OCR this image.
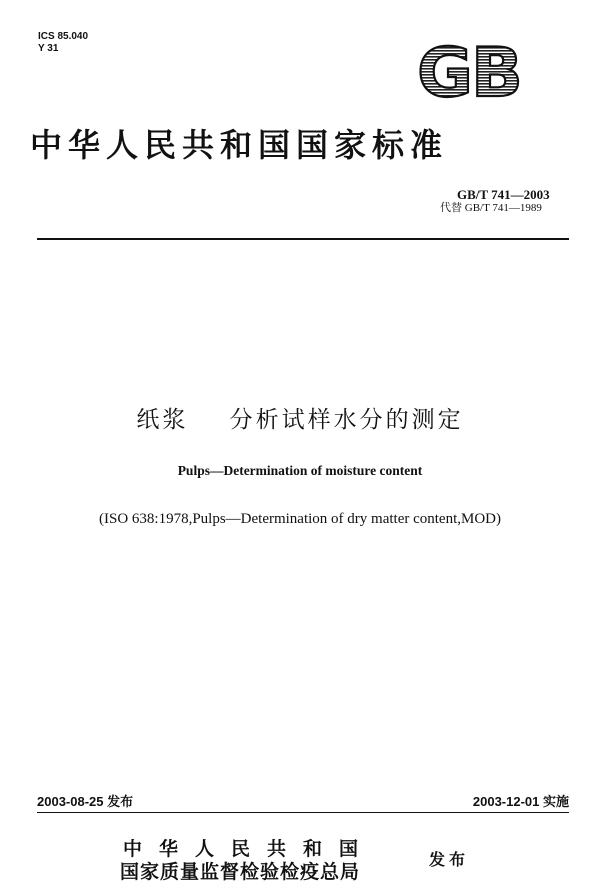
ICS 85.040
Y 31	GB
中华人民共和国国家标准
GB/T 741—2003
代替 GB/T 741—1989
纸浆    分析试样水分的测定
Pulps—Determination of moisture content
(ISO 638:1978,Pulps—Determination of dry matter content,MOD)
2003-08-25 发布	2003-12-01 实施
中华人民共和国
国家质量监督检验检疫总局
发布
